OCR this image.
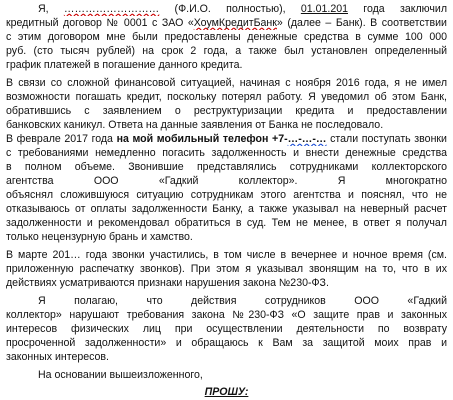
Я, ……………………… (Ф.И.О. полностью), 01.01.201 года заключил
кредитный договор № 0001 с ЗАО «ХоумКредитБанк» (далее – Банк). В соответствии
с этим договором мне были предоставлены денежные средства в сумме 100 000
руб. (сто тысяч рублей) на срок 2 года, а также был установлен определенный
график платежей в погашение данного кредита.
В связи со сложной финансовой ситуацией, начиная с ноября 2016 года, я не имел
возможности погашать кредит, поскольку потерял работу. Я уведомил об этом Банк,
обратившись с заявлением о реструктуризации кредита и предоставлении
банковских каникул. Ответа на данные заявления от Банка не последовало.
В феврале 2017 года на мой мобильный телефон +7-…-…-… стали поступать звонки
с требованиями немедленно погасить задолженность и внести денежные средства
в полном объеме. Звонившие представлялись сотрудниками коллекторского
агентства ООО «Гадкий коллектор». Я многократно
объяснял сложившуюся ситуацию сотрудникам этого агентства и пояснял, что не
отказываюсь от оплаты задолженности Банку, а также указывал на неверный расчет
задолженности и рекомендовал обратиться в суд. Тем не менее, в ответ я получал
только нецензурную брань и хамство.
В марте 201… года звонки участились, в том числе в вечернее и ночное время (см.
приложенную распечатку звонков). При этом я указывал звонящим на то, что в их
действиях усматриваются признаки нарушения закона №230-ФЗ.
Я полагаю, что действия сотрудников ООО «Гадкий
коллектор» нарушают требования закона №230-ФЗ «О защите прав и законных
интересов физических лиц при осуществлении деятельности по возврату
просроченной задолженности» и обращаюсь к Вам за защитой моих прав и
законных интересов.
На основании вышеизложенного,
ПРОШУ:
